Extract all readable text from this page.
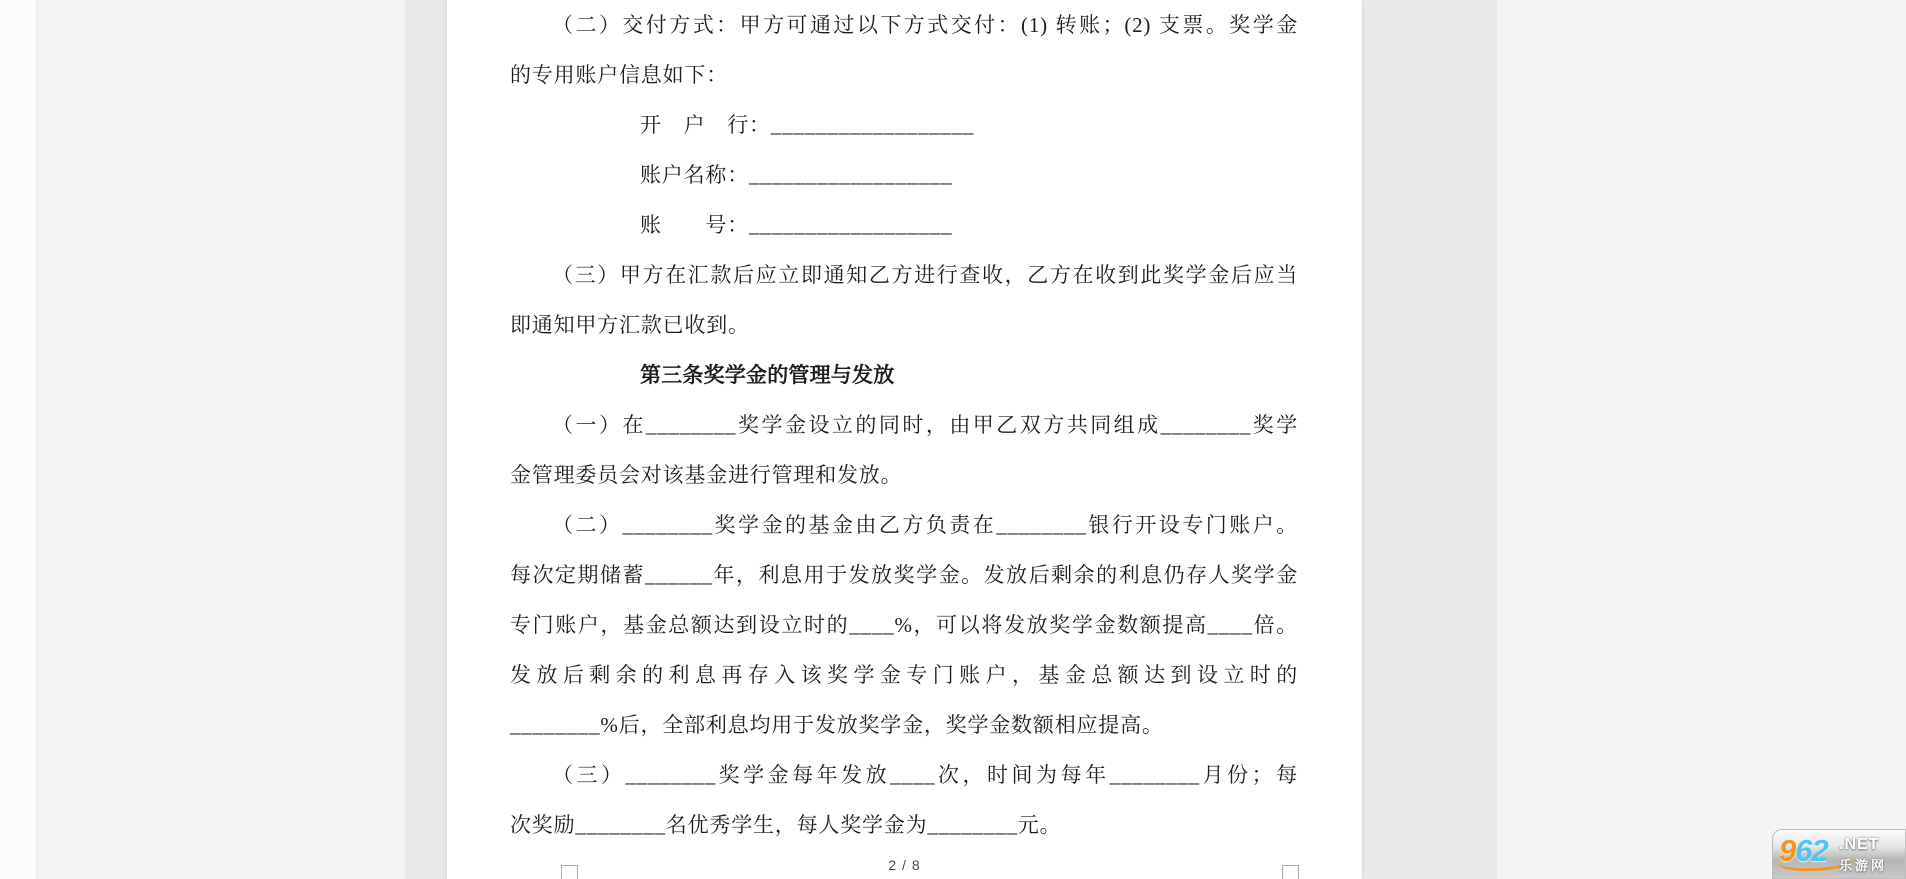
（二）交付方式：甲方可通过以下方式交付：(1) 转账；(2) 支票。奖学金
的专用账户信息如下：
开　户　行：__________________
账户名称：__________________
账　　号：__________________
（三）甲方在汇款后应立即通知乙方进行查收，乙方在收到此奖学金后应当
即通知甲方汇款已收到。
第三条奖学金的管理与发放
（一）在________奖学金设立的同时，由甲乙双方共同组成________奖学
金管理委员会对该基金进行管理和发放。
（二）________奖学金的基金由乙方负责在________银行开设专门账户。
每次定期储蓄______年，利息用于发放奖学金。发放后剩余的利息仍存人奖学金
专门账户，基金总额达到设立时的____%，可以将发放奖学金数额提高____倍。
发放后剩余的利息再存入该奖学金专门账户，基金总额达到设立时的
________%后，全部利息均用于发放奖学金，奖学金数额相应提高。
（三）________奖学金每年发放____次，时间为每年________月份；每
次奖励________名优秀学生，每人奖学金为________元。
2 / 8	962 .NET
乐游网
